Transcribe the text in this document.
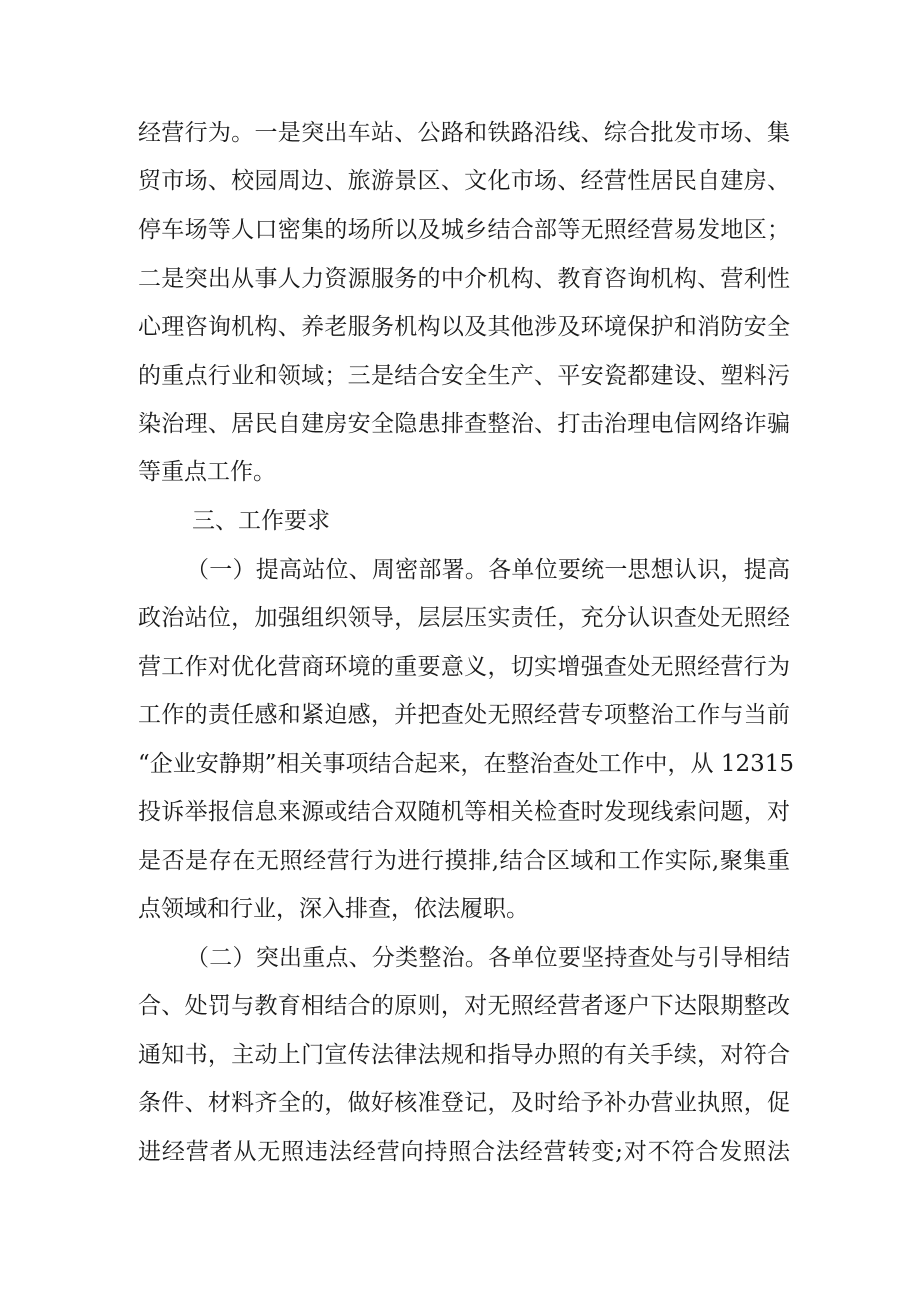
经营行为。一是突出车站、公路和铁路沿线、综合批发市场、集
贸市场、校园周边、旅游景区、文化市场、经营性居民自建房、
停车场等人口密集的场所以及城乡结合部等无照经营易发地区；
二是突出从事人力资源服务的中介机构、教育咨询机构、营利性
心理咨询机构、养老服务机构以及其他涉及环境保护和消防安全
的重点行业和领域；三是结合安全生产、平安瓷都建设、塑料污
染治理、居民自建房安全隐患排查整治、打击治理电信网络诈骗
等重点工作。
三、工作要求
（一）提高站位、周密部署。各单位要统一思想认识，提高
政治站位，加强组织领导，层层压实责任，充分认识查处无照经
营工作对优化营商环境的重要意义，切实增强查处无照经营行为
工作的责任感和紧迫感，并把查处无照经营专项整治工作与当前
“企业安静期”相关事项结合起来，在整治查处工作中，从 12315
投诉举报信息来源或结合双随机等相关检查时发现线索问题，对
是否是存在无照经营行为进行摸排,结合区域和工作实际,聚集重
点领域和行业，深入排查，依法履职。
（二）突出重点、分类整治。各单位要坚持查处与引导相结
合、处罚与教育相结合的原则，对无照经营者逐户下达限期整改
通知书，主动上门宣传法律法规和指导办照的有关手续，对符合
条件、材料齐全的，做好核准登记，及时给予补办营业执照，促
进经营者从无照违法经营向持照合法经营转变;对不符合发照法
